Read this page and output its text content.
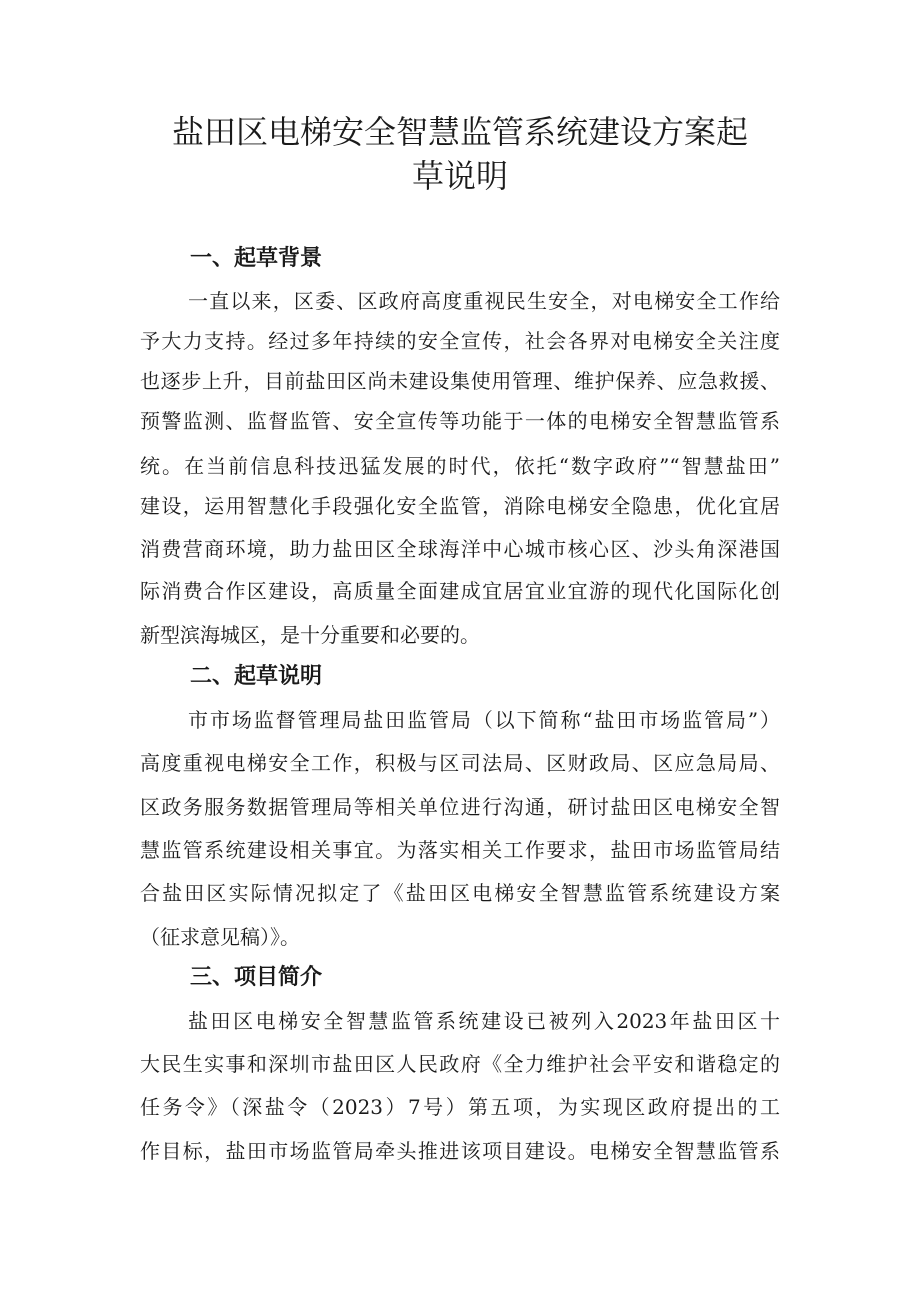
盐田区电梯安全智慧监管系统建设方案起
草说明
一、起草背景

一直以来，区委、区政府高度重视民生安全，对电梯安全工作给

予大力支持。经过多年持续的安全宣传，社会各界对电梯安全关注度

也逐步上升，目前盐田区尚未建设集使用管理、维护保养、应急救援、

预警监测、监督监管、安全宣传等功能于一体的电梯安全智慧监管系

统。在当前信息科技迅猛发展的时代，依托“数字政府”“智慧盐田”

建设，运用智慧化手段强化安全监管，消除电梯安全隐患，优化宜居

消费营商环境，助力盐田区全球海洋中心城市核心区、沙头角深港国

际消费合作区建设，高质量全面建成宜居宜业宜游的现代化国际化创

新型滨海城区，是十分重要和必要的。

二、起草说明

市市场监督管理局盐田监管局（以下简称“盐田市场监管局”）

高度重视电梯安全工作，积极与区司法局、区财政局、区应急局局、

区政务服务数据管理局等相关单位进行沟通，研讨盐田区电梯安全智

慧监管系统建设相关事宜。为落实相关工作要求，盐田市场监管局结

合盐田区实际情况拟定了《盐田区电梯安全智慧监管系统建设方案

（征求意见稿）》。

三、项目简介

盐田区电梯安全智慧监管系统建设已被列入2023年盐田区十

大民生实事和深圳市盐田区人民政府《全力维护社会平安和谐稳定的

任务令》（深盐令（2023）7号）第五项，为实现区政府提出的工

作目标，盐田市场监管局牵头推进该项目建设。电梯安全智慧监管系
